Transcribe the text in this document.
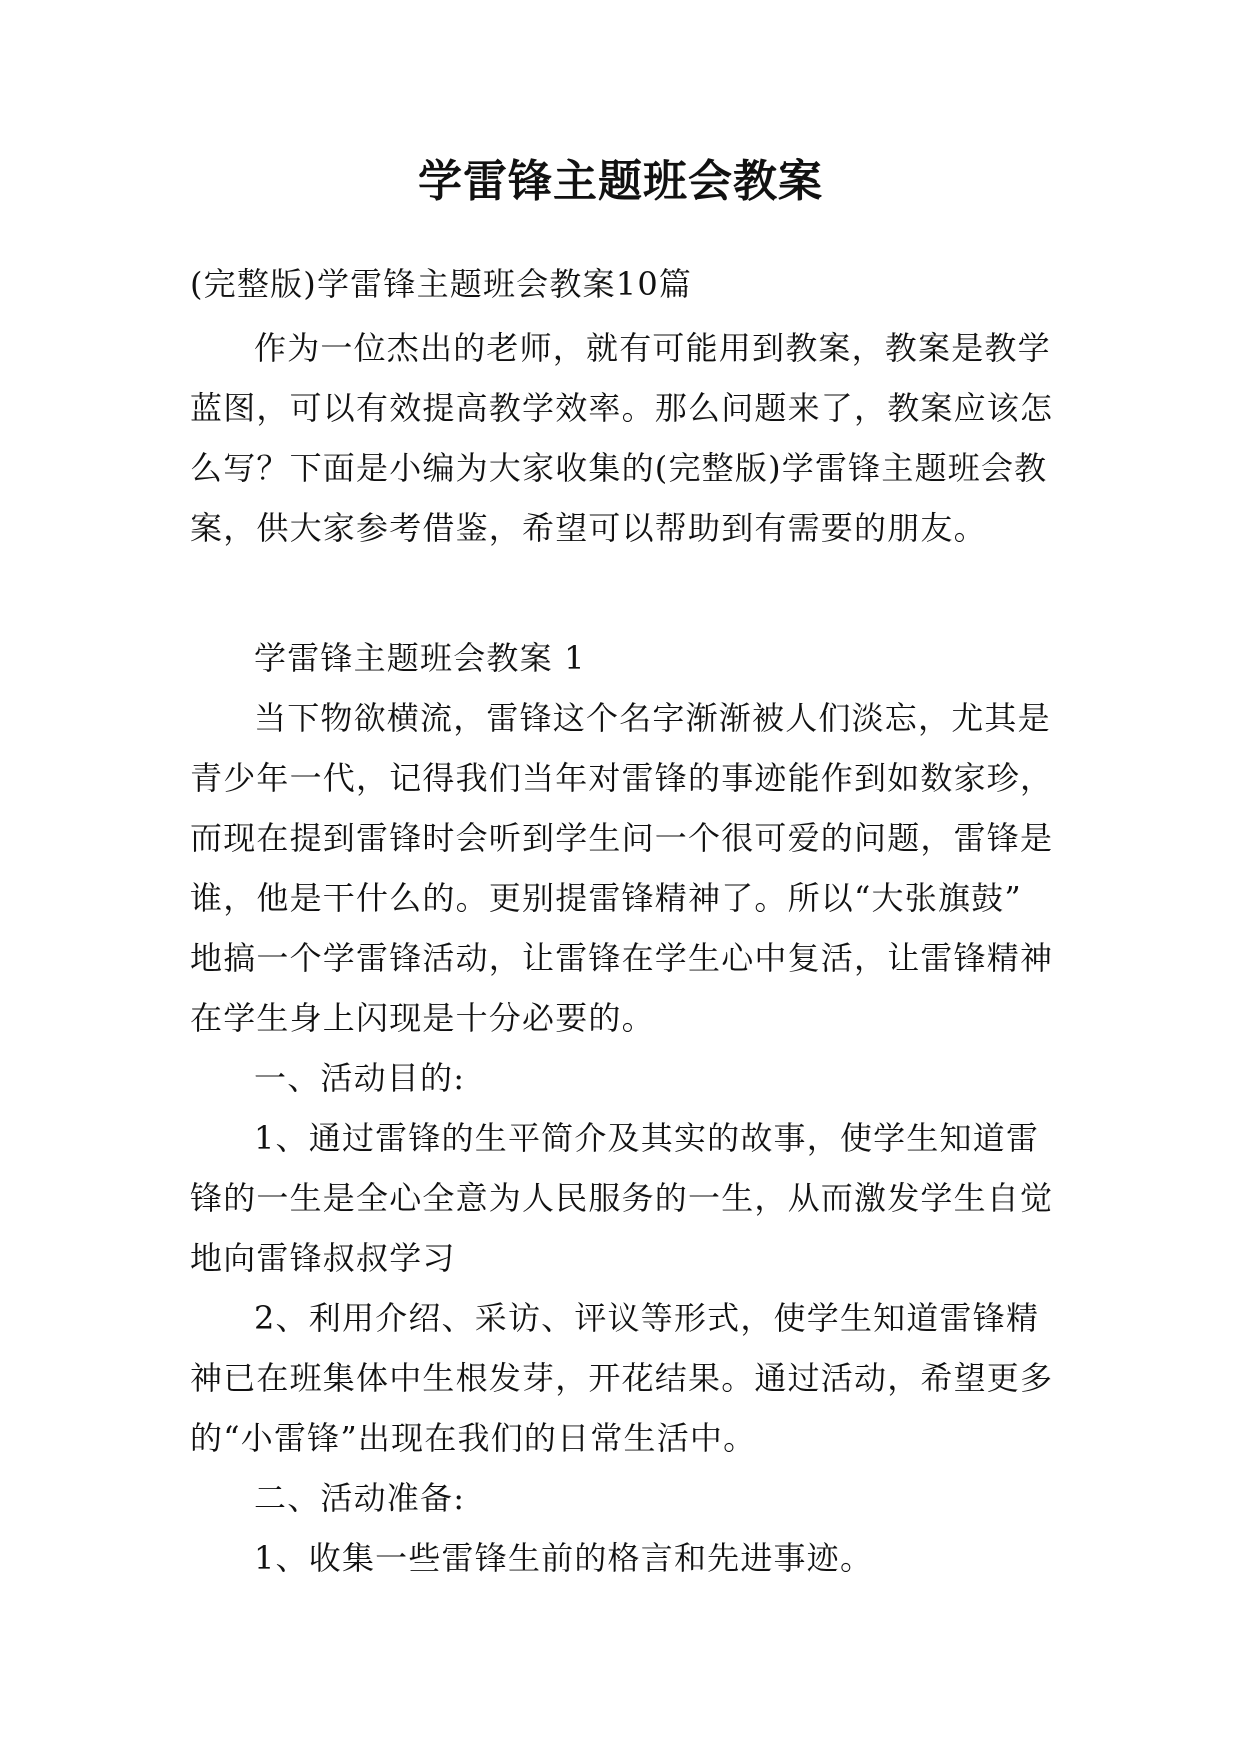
学雷锋主题班会教案
(完整版)学雷锋主题班会教案10篇
作为一位杰出的老师，就有可能用到教案，教案是教学
蓝图，可以有效提高教学效率。那么问题来了，教案应该怎
么写？下面是小编为大家收集的(完整版)学雷锋主题班会教
案，供大家参考借鉴，希望可以帮助到有需要的朋友。
学雷锋主题班会教案 1
当下物欲横流，雷锋这个名字渐渐被人们淡忘，尤其是
青少年一代，记得我们当年对雷锋的事迹能作到如数家珍，
而现在提到雷锋时会听到学生问一个很可爱的问题，雷锋是
谁，他是干什么的。更别提雷锋精神了。所以“大张旗鼓”
地搞一个学雷锋活动，让雷锋在学生心中复活，让雷锋精神
在学生身上闪现是十分必要的。
一、活动目的:
1、通过雷锋的生平简介及其实的故事，使学生知道雷
锋的一生是全心全意为人民服务的一生，从而激发学生自觉
地向雷锋叔叔学习
2、利用介绍、采访、评议等形式，使学生知道雷锋精
神已在班集体中生根发芽，开花结果。通过活动，希望更多
的“小雷锋”出现在我们的日常生活中。
二、活动准备:
1、收集一些雷锋生前的格言和先进事迹。
